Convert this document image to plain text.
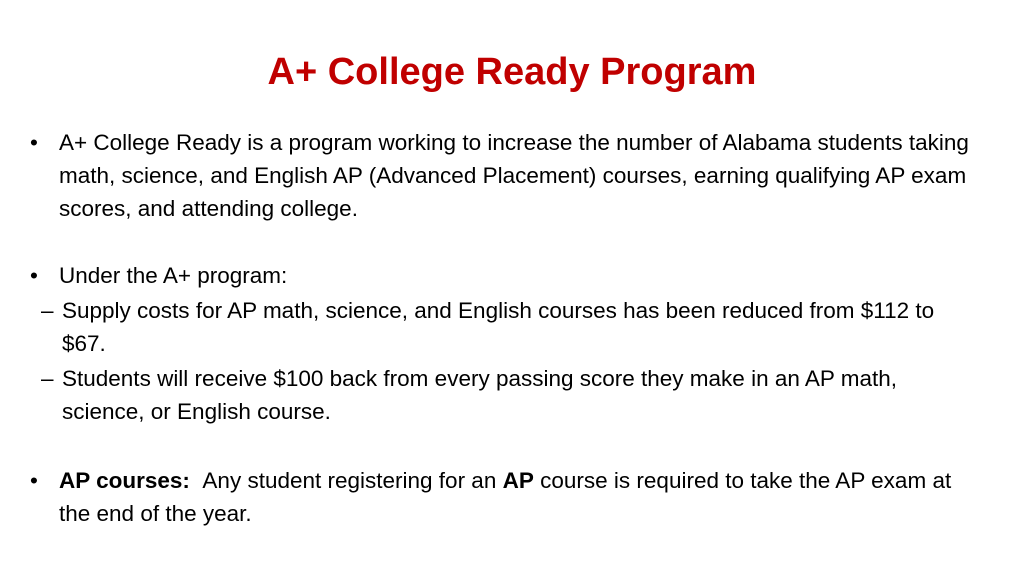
A+ College Ready Program
• A+ College Ready is a program working to increase the number of Alabama students taking math, science, and English AP (Advanced Placement) courses, earning qualifying AP exam scores, and attending college.
• Under the A+ program:
– Supply costs for AP math, science, and English courses has been reduced from $112 to $67.
– Students will receive $100 back from every passing score they make in an AP math, science, or English course.
• AP courses: Any student registering for an AP course is required to take the AP exam at the end of the year.
